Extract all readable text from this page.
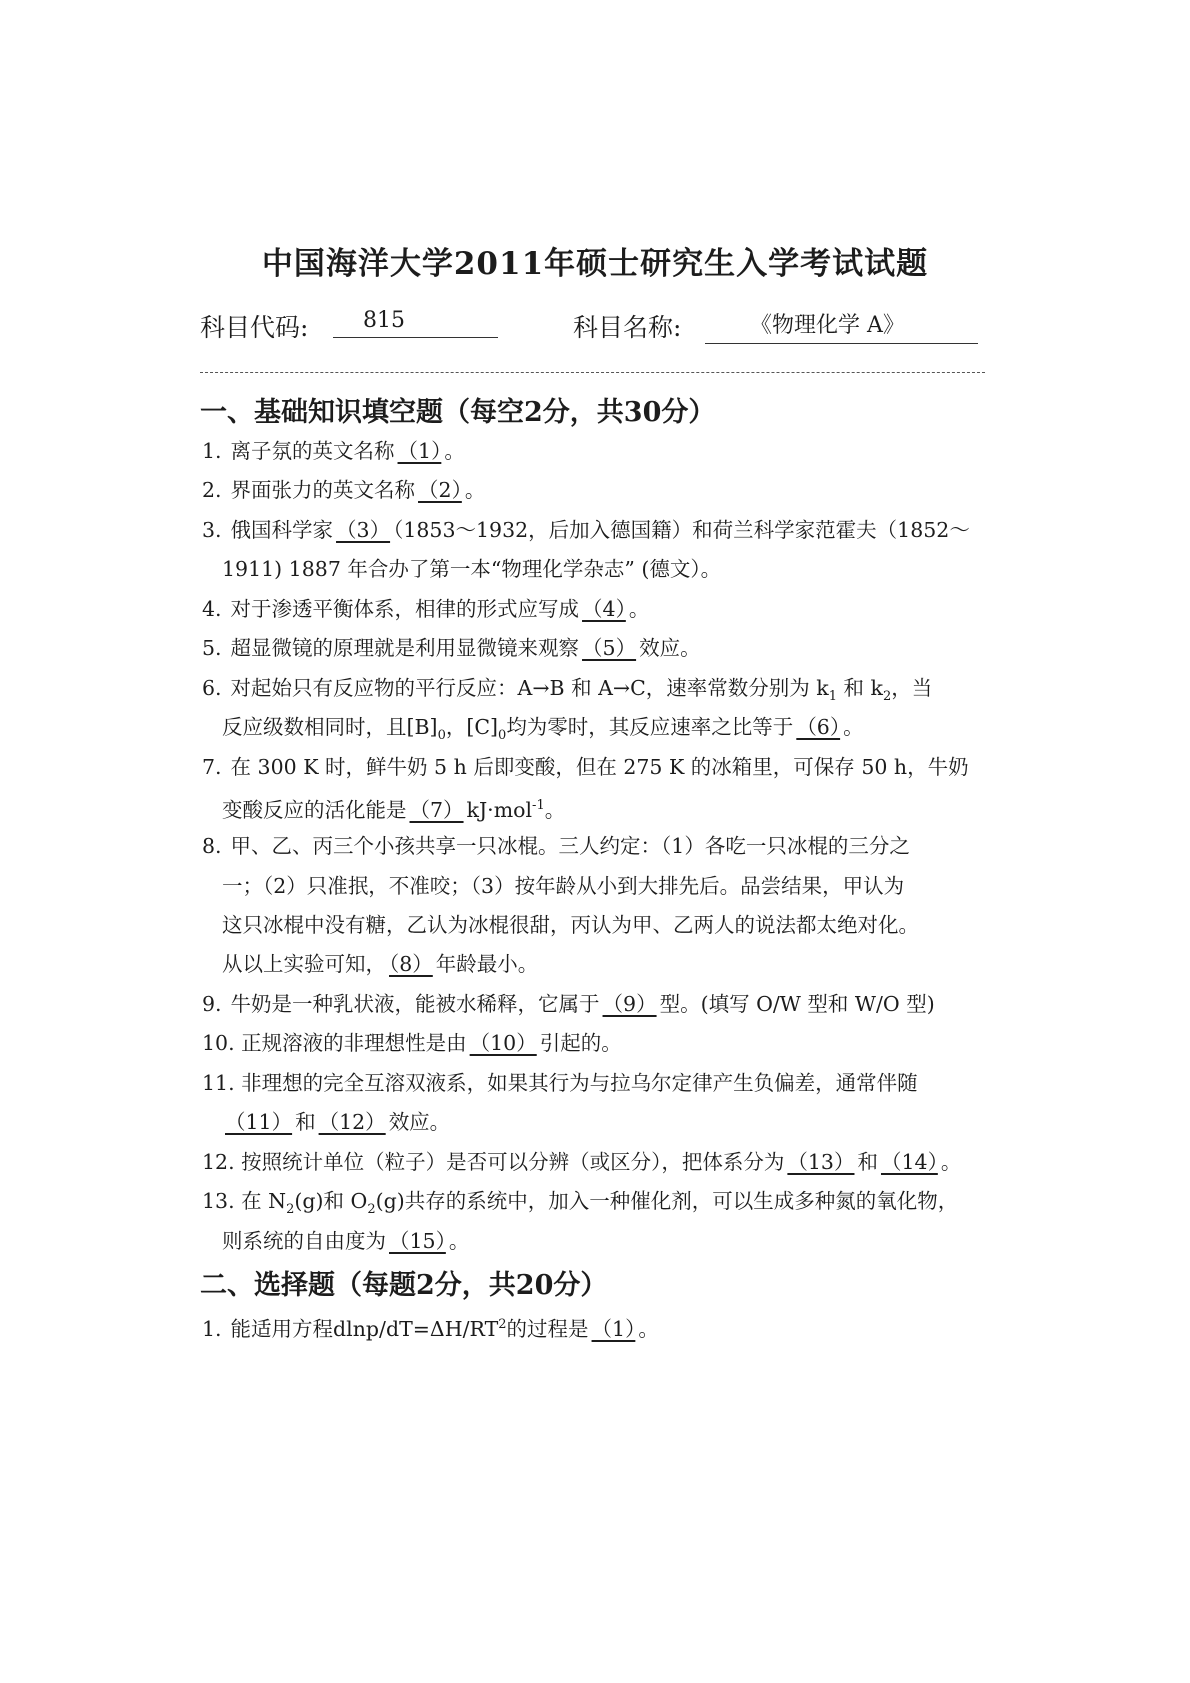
中国海洋大学2011年硕士研究生入学考试试题
科目代码:	815	科目名称:	《物理化学 A》
一、基础知识填空题（每空2分，共30分）
1. 离子氛的英文名称 （1） 。
2. 界面张力的英文名称 （2） 。
3. 俄国科学家 （3） （1853～1932，后加入德国籍）和荷兰科学家范霍夫（1852～
1911) 1887 年合办了第一本“物理化学杂志” (德文）。
4. 对于渗透平衡体系，相律的形式应写成 （4） 。
5. 超显微镜的原理就是利用显微镜来观察 （5） 效应。
6. 对起始只有反应物的平行反应：A→B 和 A→C，速率常数分别为 $k_1$ 和 $k_2$，当
反应级数相同时，且$[B]_0$，$[C]_0$均为零时，其反应速率之比等于 （6） 。
7. 在 300 K 时，鲜牛奶 5 h 后即变酸，但在 275 K 的冰箱里，可保存 50 h，牛奶
变酸反应的活化能是 （7） kJ·mol$^{-1}$。
8. 甲、乙、丙三个小孩共享一只冰棍。三人约定：（1）各吃一只冰棍的三分之
一；（2）只准抿，不准咬；（3）按年龄从小到大排先后。品尝结果，甲认为
这只冰棍中没有糖，乙认为冰棍很甜，丙认为甲、乙两人的说法都太绝对化。
从以上实验可知， （8） 年龄最小。
9. 牛奶是一种乳状液，能被水稀释，它属于 （9） 型。(填写 O/W 型和 W/O 型)
10. 正规溶液的非理想性是由 （10） 引起的。
11. 非理想的完全互溶双液系，如果其行为与拉乌尔定律产生负偏差，通常伴随
（11） 和 （12） 效应。
12. 按照统计单位（粒子）是否可以分辨（或区分），把体系分为 （13） 和 （14） 。
13. 在 $N_2(g)$和 $O_2(g)$共存的系统中，加入一种催化剂，可以生成多种氮的氧化物，
则系统的自由度为 （15） 。
二、选择题（每题2分，共20分）
1. 能适用方程dlnp/$dT=\Delta H/RT^2$的过程是 （1） 。
